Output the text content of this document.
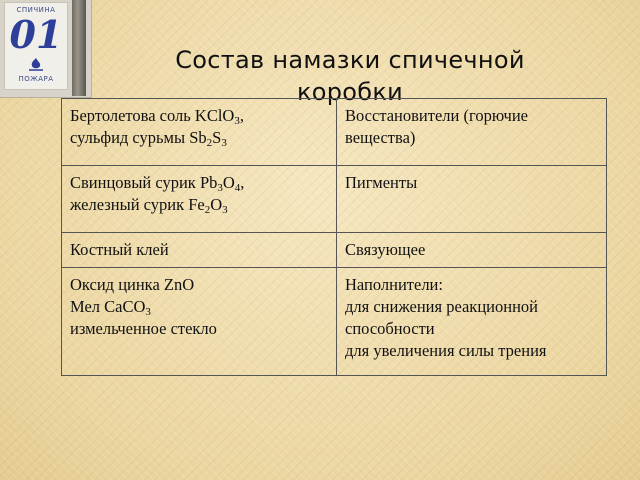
СПИЧИНА
01
ПОЖАРА
Состав намазки спичечной коробки
Бертолетова соль KClO$_3$,
сульфид сурьмы $Sb_2S_3$	Восстановители (горючие
вещества)

Свинцовый сурик $Pb_3O_4$,
железный сурик $Fe_2O_3$	Пигменты

Костный клей	Связующее

Оксид цинка ZnO
Мел CaCO$_3$
измельченное стекло	Наполнители:
для снижения реакционной
способности
для увеличения силы трения
